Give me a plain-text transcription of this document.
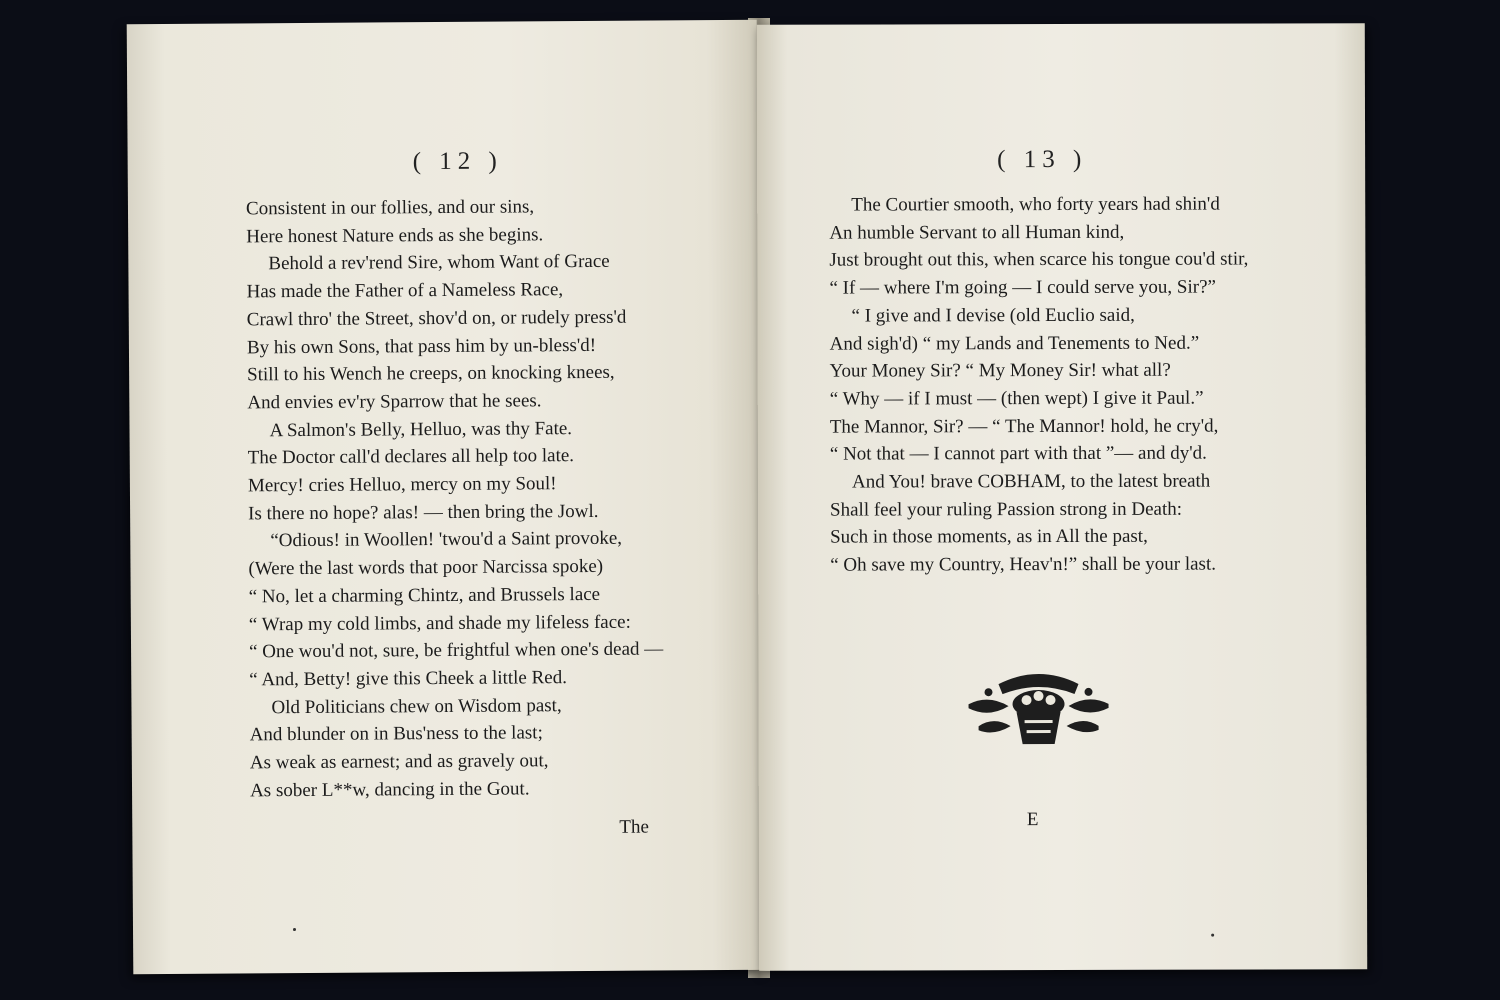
( 12 )
Consistent in our follies, and our sins,
Here honest Nature ends as she begins.
Behold a rev'rend Sire, whom Want of Grace
Has made the Father of a Nameless Race,
Crawl thro' the Street, shov'd on, or rudely press'd
By his own Sons, that pass him by un-bless'd!
Still to his Wench he creeps, on knocking knees,
And envies ev'ry Sparrow that he sees.
A Salmon's Belly, Helluo, was thy Fate.
The Doctor call'd declares all help too late.
Mercy! cries Helluo, mercy on my Soul!
Is there no hope? alas! — then bring the Jowl.
“Odious! in Woollen! 'twou'd a Saint provoke,
(Were the last words that poor Narcissa spoke)
“ No, let a charming Chintz, and Brussels lace
“ Wrap my cold limbs, and shade my lifeless face:
“ One wou'd not, sure, be frightful when one's dead —
“ And, Betty! give this Cheek a little Red.
Old Politicians chew on Wisdom past,
And blunder on in Bus'ness to the last;
As weak as earnest; and as gravely out,
As sober L**w, dancing in the Gout.
The
( 13 )
The Courtier smooth, who forty years had shin'd
An humble Servant to all Human kind,
Just brought out this, when scarce his tongue cou'd stir,
“ If — where I'm going — I could serve you, Sir?”
“ I give and I devise (old Euclio said,
And sigh'd) “ my Lands and Tenements to Ned.”
Your Money Sir? “ My Money Sir! what all?
“ Why — if I must — (then wept) I give it Paul.”
The Mannor, Sir? — “ The Mannor! hold, he cry'd,
“ Not that — I cannot part with that ”— and dy'd.
And You! brave COBHAM, to the latest breath
Shall feel your ruling Passion strong in Death:
Such in those moments, as in All the past,
“ Oh save my Country, Heav'n!” shall be your last.
E
